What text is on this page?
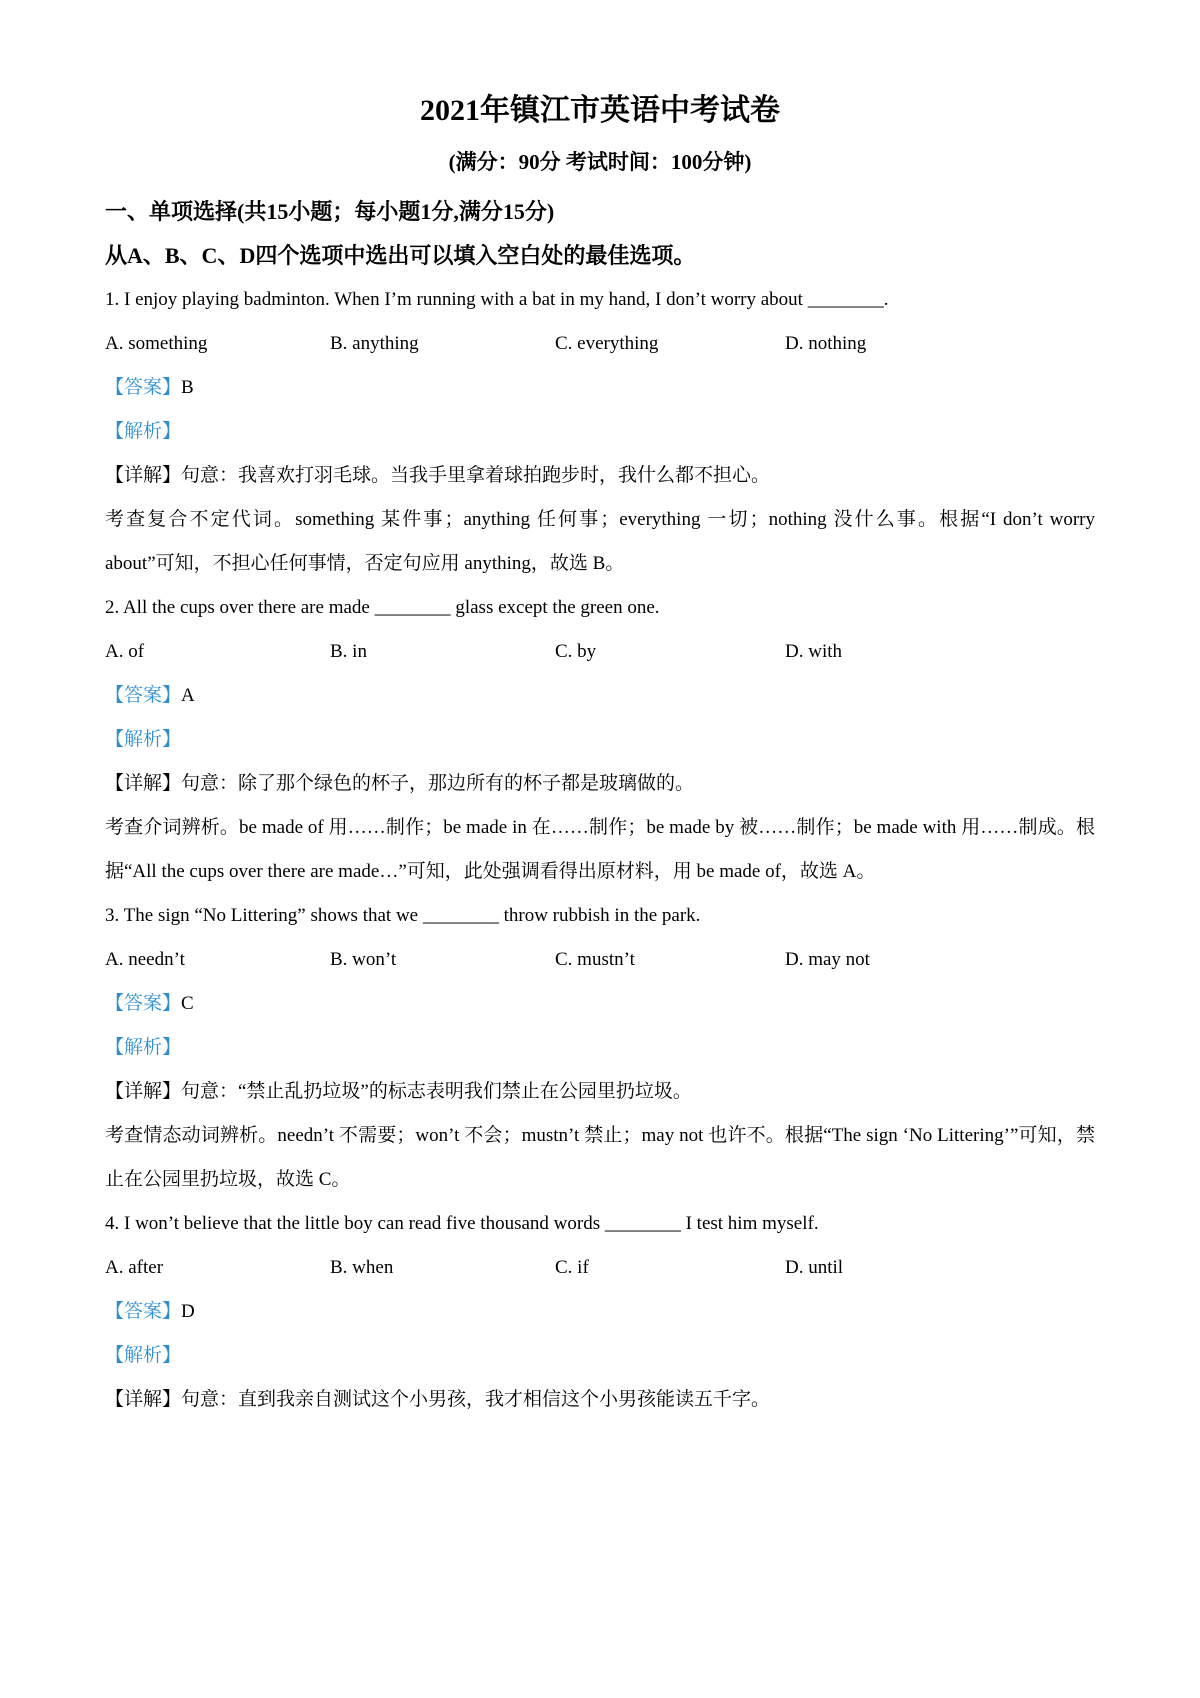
2021年镇江市英语中考试卷

(满分：90分 考试时间：100分钟)

一、单项选择(共15小题；每小题1分,满分15分)

从A、B、C、D四个选项中选出可以填入空白处的最佳选项。

1. I enjoy playing badminton. When I’m running with a bat in my hand, I don’t worry about ________.

A. something	B. anything	C. everything	D. nothing

【答案】B

【解析】

【详解】句意：我喜欢打羽毛球。当我手里拿着球拍跑步时，我什么都不担心。

考查复合不定代词。something 某件事；anything 任何事；everything 一切；nothing 没什么事。根据“I don’t worry about”可知，不担心任何事情，否定句应用 anything，故选 B。

2. All the cups over there are made ________ glass except the green one.

A. of	B. in	C. by	D. with

【答案】A

【解析】

【详解】句意：除了那个绿色的杯子，那边所有的杯子都是玻璃做的。

考查介词辨析。be made of 用……制作；be made in 在……制作；be made by 被……制作；be made with 用……制成。根据“All the cups over there are made…”可知，此处强调看得出原材料，用 be made of，故选 A。

3. The sign “No Littering” shows that we ________ throw rubbish in the park.

A. needn’t	B. won’t	C. mustn’t	D. may not

【答案】C

【解析】

【详解】句意：“禁止乱扔垃圾”的标志表明我们禁止在公园里扔垃圾。

考查情态动词辨析。needn’t 不需要；won’t 不会；mustn’t 禁止；may not 也许不。根据“The sign ‘No Littering’”可知，禁止在公园里扔垃圾，故选 C。

4. I won’t believe that the little boy can read five thousand words ________ I test him myself.

A. after	B. when	C. if	D. until

【答案】D

【解析】

【详解】句意：直到我亲自测试这个小男孩，我才相信这个小男孩能读五千字。
